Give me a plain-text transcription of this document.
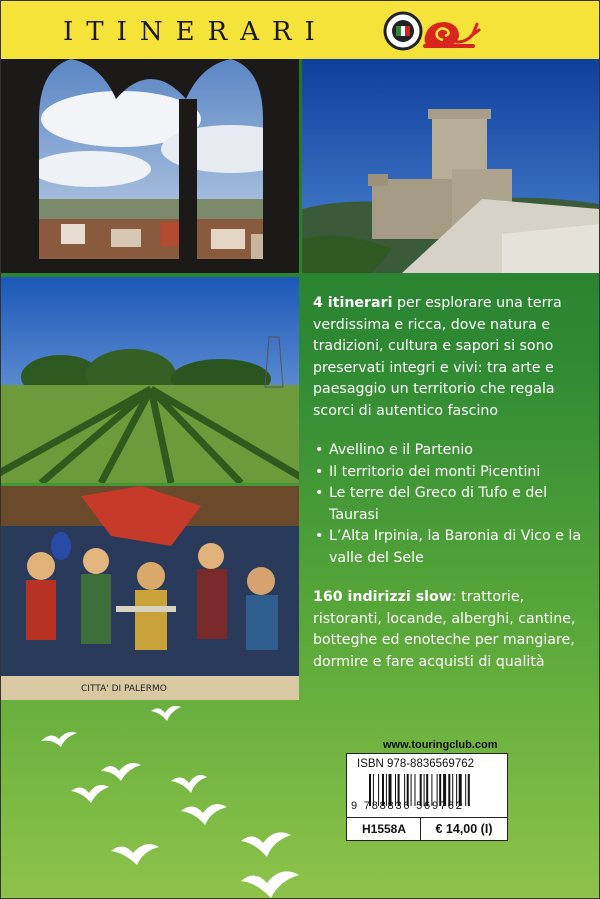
ITINERARI
CITTA' DI PALERMO
4 itinerari per esplorare una terra verdissima e ricca, dove natura e tradizioni, cultura e sapori si sono preservati integri e vivi: tra arte e paesaggio un territorio che regala scorci di autentico fascino
• Avellino e il Partenio
• Il territorio dei monti Picentini
• Le terre del Greco di Tufo e del Taurasi
• L’Alta Irpinia, la Baronia di Vico e la valle del Sele
160 indirizzi slow: trattorie, ristoranti, locande, alberghi, cantine, botteghe ed enoteche per mangiare, dormire e fare acquisti di qualità
www.touringclub.com
ISBN 978-8836569762
9 788836 569762
H1558A	€ 14,00 (I)
